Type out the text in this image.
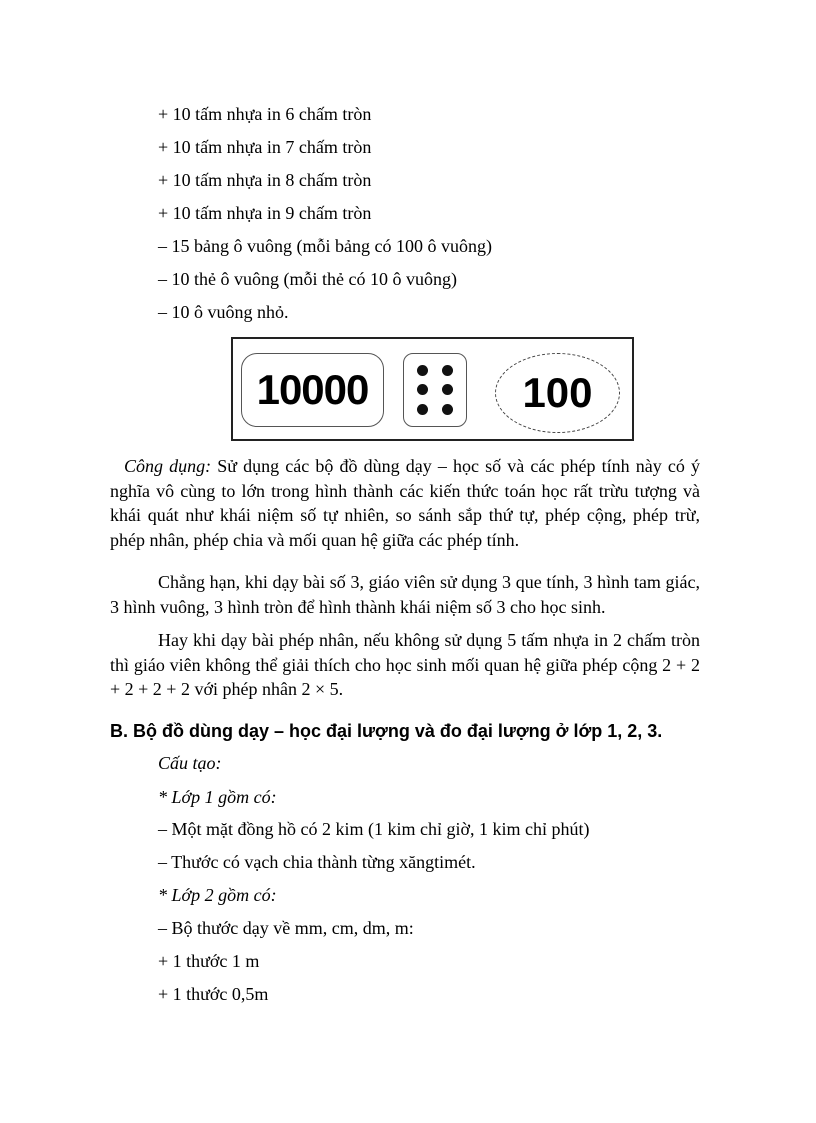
+ 10 tấm nhựa in 6 chấm tròn
+ 10 tấm nhựa in 7 chấm tròn
+ 10 tấm nhựa in 8 chấm tròn
+ 10 tấm nhựa in 9 chấm tròn
– 15 bảng ô vuông (mỗi bảng có 100 ô vuông)
– 10 thẻ ô vuông (mỗi thẻ có 10 ô vuông)
– 10 ô vuông nhỏ.
10000	100
Công dụng: Sử dụng các bộ đồ dùng dạy – học số và các phép tính này có ý nghĩa vô cùng to lớn trong hình thành các kiến thức toán học rất trừu tượng và khái quát như khái niệm số tự nhiên, so sánh sắp thứ tự, phép cộng, phép trừ, phép nhân, phép chia và mối quan hệ giữa các phép tính.
Chẳng hạn, khi dạy bài số 3, giáo viên sử dụng 3 que tính, 3 hình tam giác, 3 hình vuông, 3 hình tròn để hình thành khái niệm số 3 cho học sinh.
Hay khi dạy bài phép nhân, nếu không sử dụng 5 tấm nhựa in 2 chấm tròn thì giáo viên không thể giải thích cho học sinh mối quan hệ giữa phép cộng 2 + 2 + 2 + 2 + 2 với phép nhân 2 × 5.
B. Bộ đồ dùng dạy – học đại lượng và đo đại lượng ở lớp 1, 2, 3.
Cấu tạo:
* Lớp 1 gồm có:
– Một mặt đồng hồ có 2 kim (1 kim chỉ giờ, 1 kim chỉ phút)
– Thước có vạch chia thành từng xăngtimét.
* Lớp 2 gồm có:
– Bộ thước dạy về mm, cm, dm, m:
+ 1 thước 1 m
+ 1 thước 0,5m
